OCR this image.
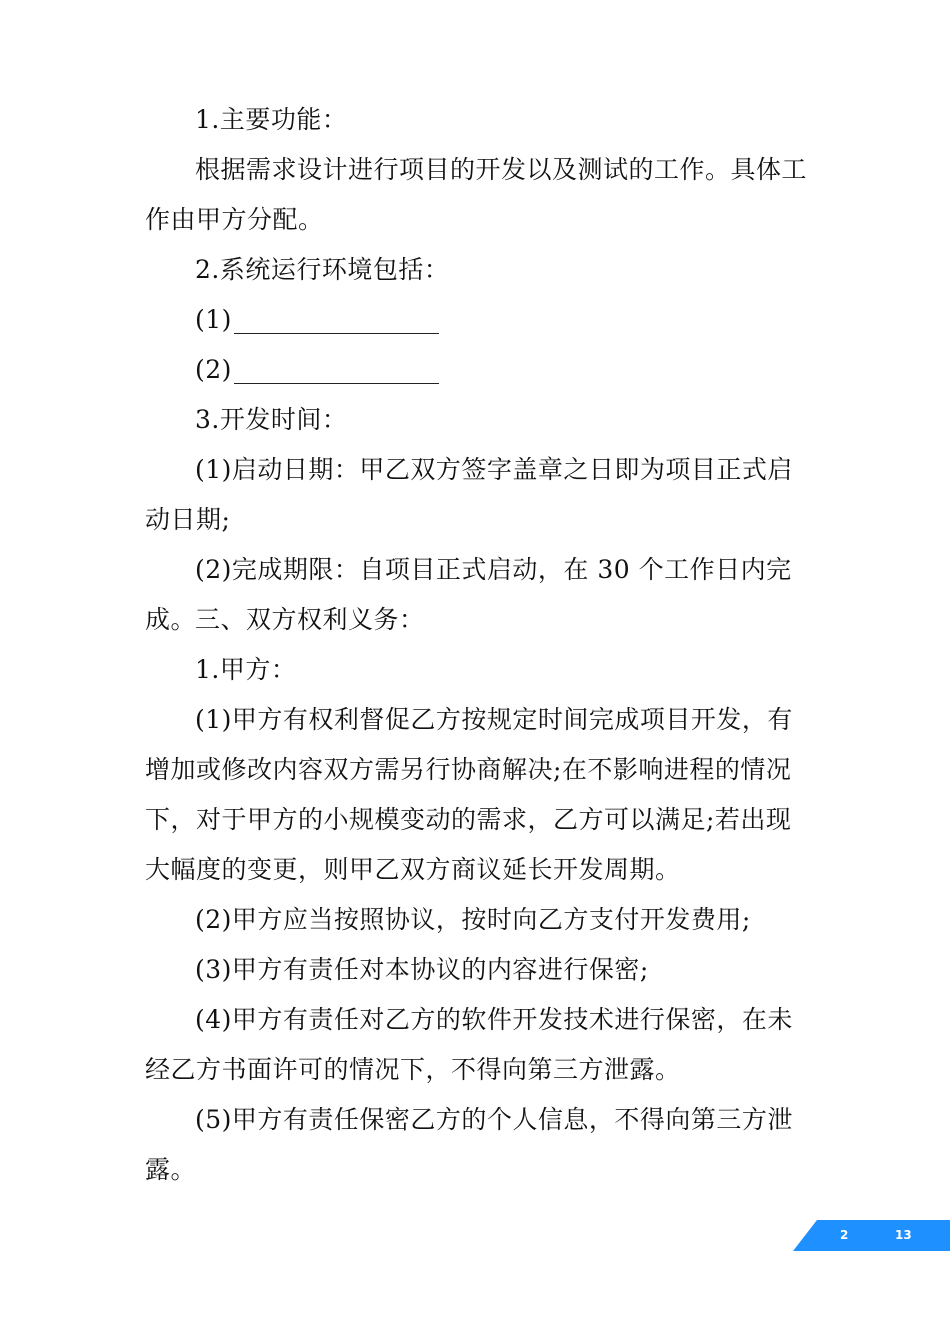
1.主要功能：

根据需求设计进行项目的开发以及测试的工作。具体工作由甲方分配。

2.系统运行环境包括：

(1)

(2)

3.开发时间：

(1)启动日期：甲乙双方签字盖章之日即为项目正式启动日期;

(2)完成期限：自项目正式启动，在 30 个工作日内完成。

三、双方权利义务：

1.甲方：

(1)甲方有权利督促乙方按规定时间完成项目开发，有增加或修改内容双方需另行协商解决;在不影响进程的情况下，对于甲方的小规模变动的需求，乙方可以满足;若出现大幅度的变更，则甲乙双方商议延长开发周期。

(2)甲方应当按照协议，按时向乙方支付开发费用;

(3)甲方有责任对本协议的内容进行保密;

(4)甲方有责任对乙方的软件开发技术进行保密，在未经乙方书面许可的情况下，不得向第三方泄露。

(5)甲方有责任保密乙方的个人信息，不得向第三方泄露。

2	13
